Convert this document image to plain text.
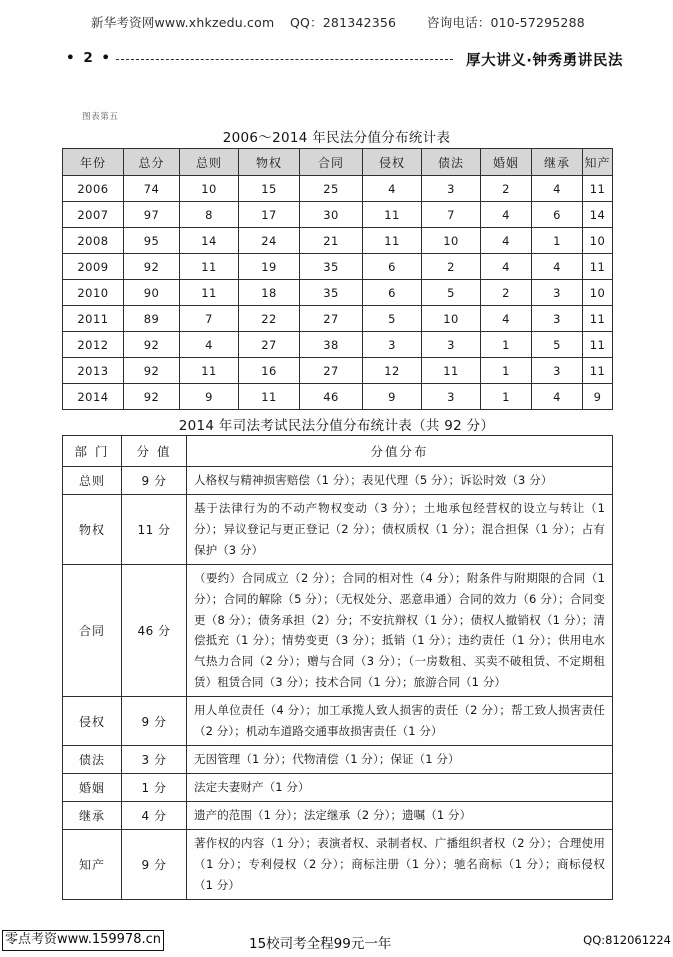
新华考资网www.xhkzedu.com QQ：281342356 咨询电话：010-57295288
• 2 •	厚大讲义·钟秀勇讲民法
图表第五
2006～2014 年民法分值分布统计表
年份	总分	总则	物权	合同	侵权	债法	婚姻	继承	知产
2006	74	10	15	25	4	3	2	4	11
2007	97	8	17	30	11	7	4	6	14
2008	95	14	24	21	11	10	4	1	10
2009	92	11	19	35	6	2	4	4	11
2010	90	11	18	35	6	5	2	3	10
2011	89	7	22	27	5	10	4	3	11
2012	92	4	27	38	3	3	1	5	11
2013	92	11	16	27	12	11	1	3	11
2014	92	9	11	46	9	3	1	4	9
2014 年司法考试民法分值分布统计表（共 92 分）
部 门	分 值	分值分布
总则	9 分	人格权与精神损害赔偿（1 分）；表见代理（5 分）；诉讼时效（3 分）
物权	11 分	基于法律行为的不动产物权变动（3 分）；土地承包经营权的设立与转让（1 分）；异议登记与更正登记（2 分）；债权质权（1 分）；混合担保（1 分）；占有保护（3 分）
合同	46 分	（要约）合同成立（2 分）；合同的相对性（4 分）；附条件与附期限的合同（1 分）；合同的解除（5 分）；（无权处分、恶意串通）合同的效力（6 分）；合同变更（8 分）；债务承担（2）分；不安抗辩权（1 分）；债权人撤销权（1 分）；清偿抵充（1 分）；情势变更（3 分）；抵销（1 分）；违约责任（1 分）；供用电水气热力合同（2 分）；赠与合同（3 分）；（一房数租、买卖不破租赁、不定期租赁）租赁合同（3 分）；技术合同（1 分）；旅游合同（1 分）
侵权	9 分	用人单位责任（4 分）；加工承揽人致人损害的责任（2 分）；帮工致人损害责任（2 分）；机动车道路交通事故损害责任（1 分）
债法	3 分	无因管理（1 分）；代物清偿（1 分）；保证（1 分）
婚姻	1 分	法定夫妻财产（1 分）
继承	4 分	遗产的范围（1 分）；法定继承（2 分）；遗嘱（1 分）
知产	9 分	著作权的内容（1 分）；表演者权、录制者权、广播组织者权（2 分）；合理使用（1 分）；专利侵权（2 分）；商标注册（1 分）；驰名商标（1 分）；商标侵权（1 分）
零点考资www.159978.cn	15校司考全程99元一年	QQ:812061224
